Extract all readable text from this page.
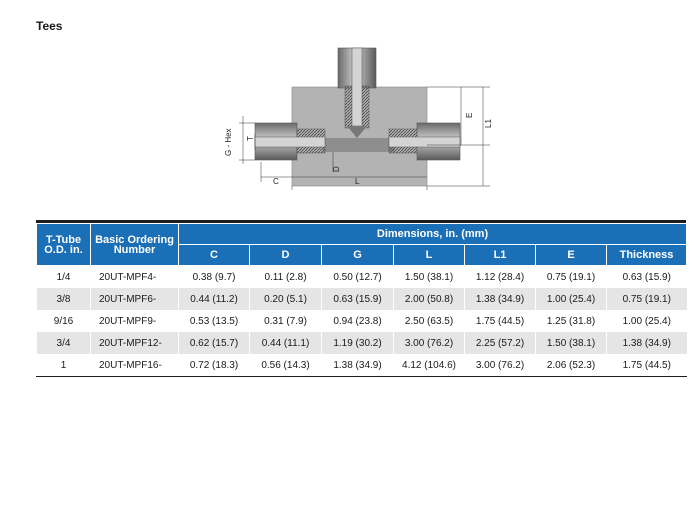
Tees
G - Hex T
C
D
L
E
L1
T-Tube O.D. in.	Basic Ordering Number	Dimensions, in. (mm)						
		C	D	G	L	L1	E	Thickness
1/4	20UT-MPF4-	0.38 (9.7)	0.11 (2.8)	0.50 (12.7)	1.50 (38.1)	1.12 (28.4)	0.75 (19.1)	0.63 (15.9)
3/8	20UT-MPF6-	0.44 (11.2)	0.20 (5.1)	0.63 (15.9)	2.00 (50.8)	1.38 (34.9)	1.00 (25.4)	0.75 (19.1)
9/16	20UT-MPF9-	0.53 (13.5)	0.31 (7.9)	0.94 (23.8)	2.50 (63.5)	1.75 (44.5)	1.25 (31.8)	1.00 (25.4)
3/4	20UT-MPF12-	0.62 (15.7)	0.44 (11.1)	1.19 (30.2)	3.00 (76.2)	2.25 (57.2)	1.50 (38.1)	1.38 (34.9)
1	20UT-MPF16-	0.72 (18.3)	0.56 (14.3)	1.38 (34.9)	4.12 (104.6)	3.00 (76.2)	2.06 (52.3)	1.75 (44.5)
